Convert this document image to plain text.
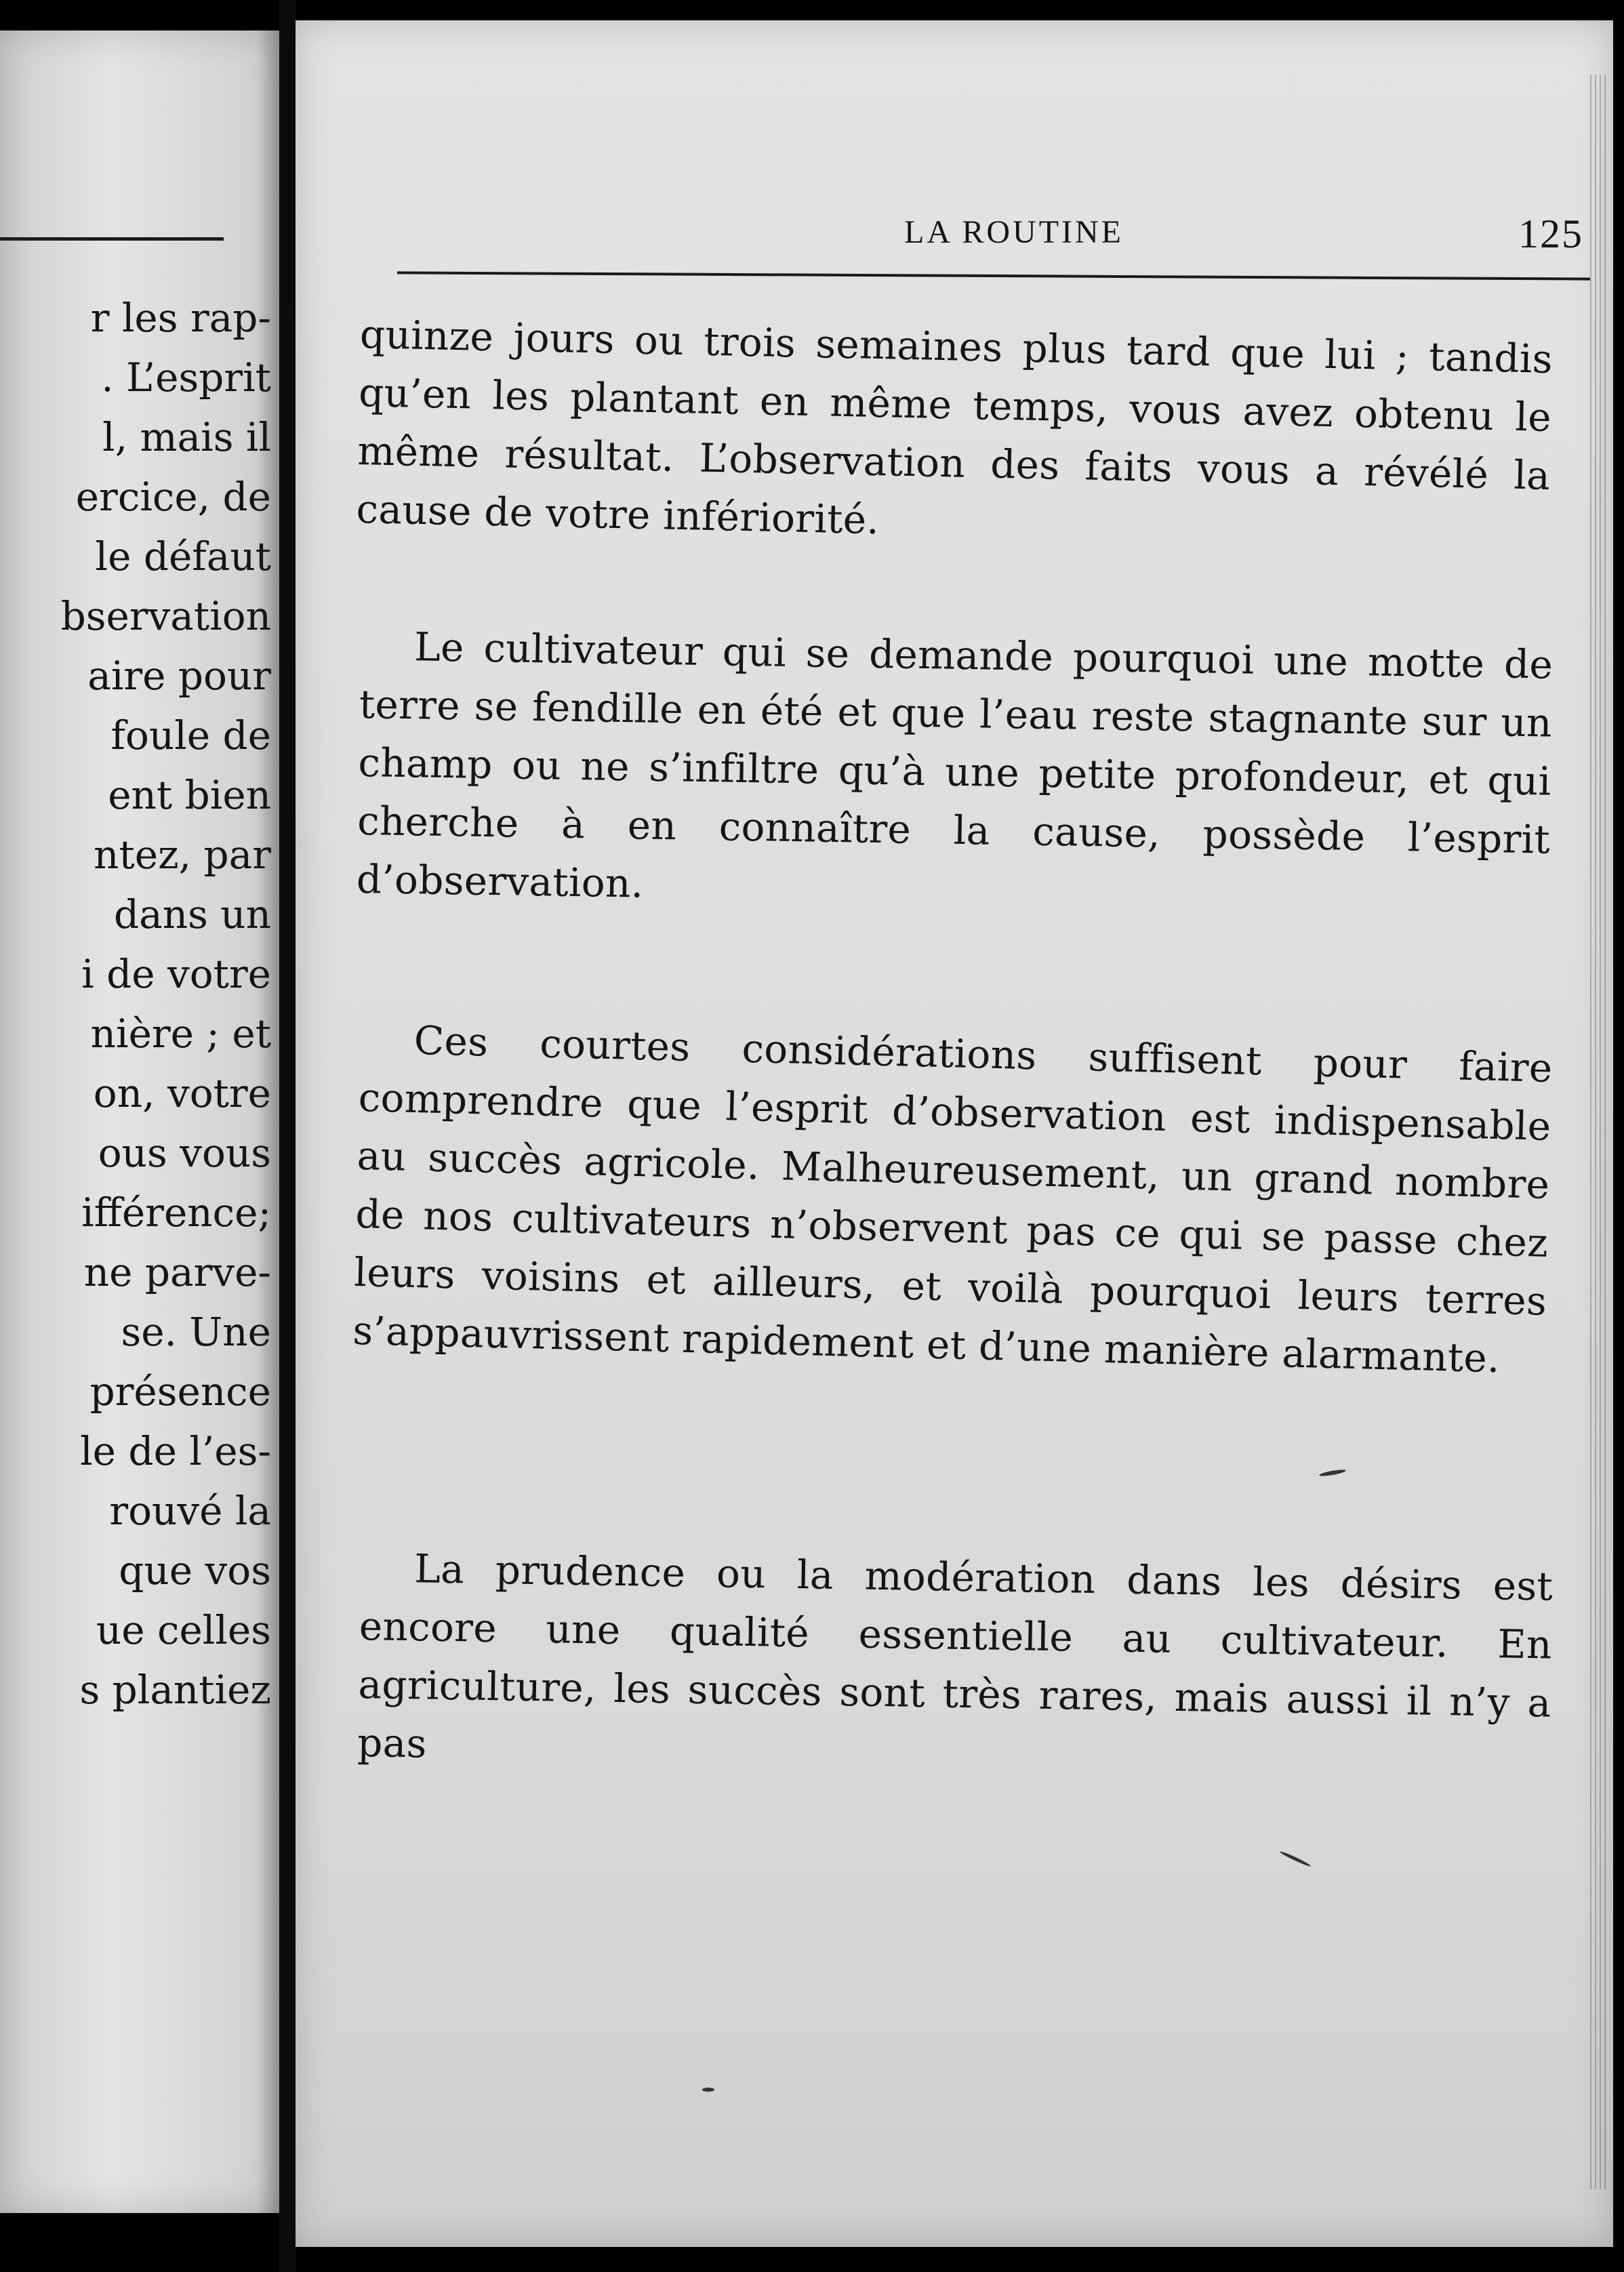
r les rap-
. L’esprit
l, mais il
ercice, de
le défaut
bservation
aire pour
foule de
ent bien
ntez, par
dans un
i de votre
nière ; et
on, votre
ous vous
ifférence;
ne parve-
se. Une
présence
le de l’es-
rouvé la
que vos
ue celles
s plantiez
LA ROUTINE	125

quinze jours ou trois semaines plus tard que lui ; tandis qu’en les plantant en même temps, vous avez obtenu le même résultat. L’observation des faits vous a révélé la cause de votre infériorité.

Le cultivateur qui se demande pourquoi une motte de terre se fendille en été et que l’eau reste stagnante sur un champ ou ne s’infiltre qu’à une petite profondeur, et qui cherche à en connaître la cause, possède l’esprit d’observation.

Ces courtes considérations suffisent pour faire comprendre que l’esprit d’observation est indispensable au succès agricole. Malheureusement, un grand nombre de nos cultivateurs n’observent pas ce qui se passe chez leurs voisins et ailleurs, et voilà pourquoi leurs terres s’appauvrissent rapidement et d’une manière alarmante.

La prudence ou la modération dans les désirs est encore une qualité essentielle au cultivateur. En agriculture, les succès sont très rares, mais aussi il n’y a pas
